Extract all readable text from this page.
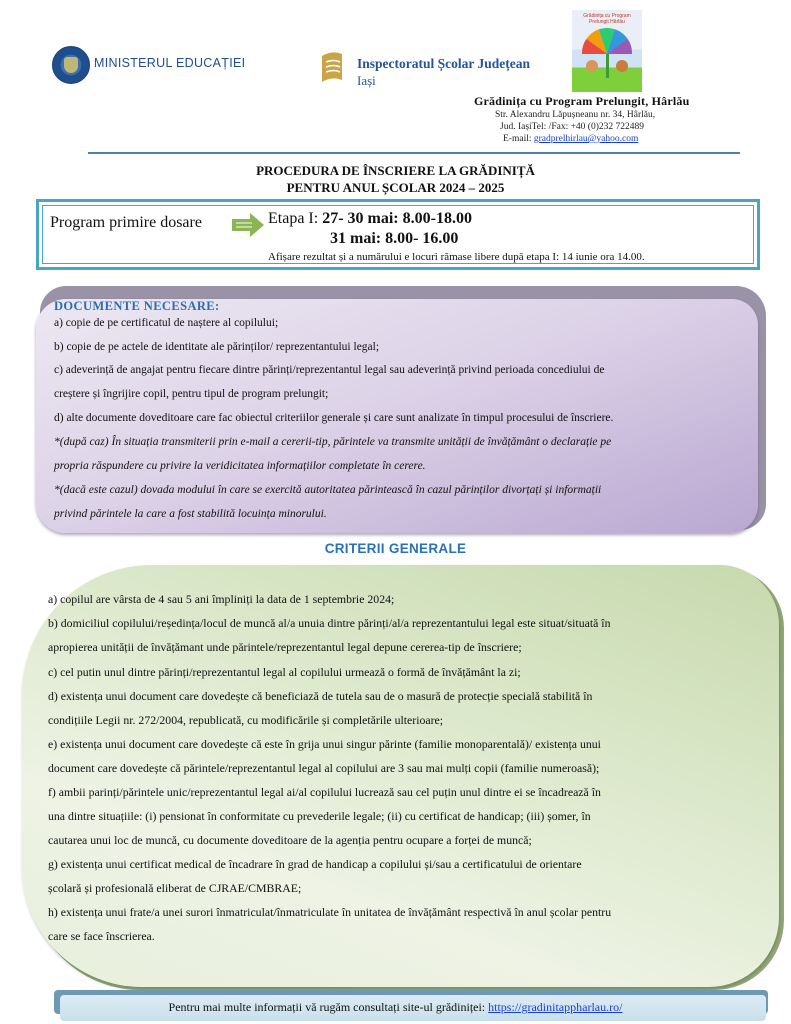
MINISTERUL EDUCAȚIEI	Inspectoratul Școlar Județean
Iași
Grădinița cu Program Prelungit Hârlău
Grădinița cu Program Prelungit, Hârlău
Str. Alexandru Lăpușneanu nr. 34, Hârlău,
Jud. IașiTel: /Fax: +40 (0)232 722489
E-mail: gradprelhirlau@yahoo.com
PROCEDURA DE ÎNSCRIERE LA GRĂDINIȚĂ
PENTRU ANUL ȘCOLAR 2024 – 2025
Program primire dosare	Etapa I: 27- 30 mai: 8.00-18.00
31 mai: 8.00- 16.00
Afișare rezultat și a numărului e locuri rămase libere după etapa I: 14 iunie ora 14.00.
DOCUMENTE NECESARE:
a) copie de pe certificatul de naștere al copilului;
b) copie de pe actele de identitate ale părinților/ reprezentantului legal;
c) adeverință de angajat pentru fiecare dintre părinți/reprezentantul legal sau adeverință privind perioada concediului de
creștere și îngrijire copil, pentru tipul de program prelungit;
d) alte documente doveditoare care fac obiectul criteriilor generale și care sunt analizate în timpul procesului de înscriere.
*(după caz) În situația transmiterii prin e-mail a cererii-tip, părintele va transmite unității de învățământ o declarație pe
propria răspundere cu privire la veridicitatea informațiilor completate în cerere.
*(dacă este cazul) dovada modului în care se exercită autoritatea părintească în cazul părinților divorțați și informații
privind părintele la care a fost stabilită locuința minorului.
CRITERII GENERALE
a) copilul are vârsta de 4 sau 5 ani împliniți la data de 1 septembrie 2024;
b) domiciliul copilului/reședința/locul de muncă al/a unuia dintre părinți/al/a reprezentantului legal este situat/situată în
apropierea unității de învățămant unde părintele/reprezentantul legal depune cererea-tip de înscriere;
c) cel putin unul dintre părinți/reprezentantul legal al copilului urmează o formă de învățământ la zi;
d) existența unui document care dovedește că beneficiază de tutela sau de o masură de protecție specială stabilită în
condițiile Legii nr. 272/2004, republicată, cu modificările și completările ulterioare;
e) existența unui document care dovedește că este în grija unui singur părinte (familie monoparentală)/ existența unui
document care dovedește că părintele/reprezentantul legal al copilului are 3 sau mai mulți copii (familie numeroasă);
f) ambii parinți/părintele unic/reprezentantul legal ai/al copilului lucrează sau cel puțin unul dintre ei se încadrează în
una dintre situațiile: (i) pensionat în conformitate cu prevederile legale; (ii) cu certificat de handicap; (iii) șomer, în
cautarea unui loc de muncă, cu documente doveditoare de la agenția pentru ocupare a forței de muncă;
g) existența unui certificat medical de încadrare în grad de handicap a copilului și/sau a certificatului de orientare
școlară și profesională eliberat de CJRAE/CMBRAE;
h) existența unui frate/a unei surori înmatriculat/înmatriculate în unitatea de învățământ respectivă în anul școlar pentru
care se face înscrierea.
Pentru mai multe informații vă rugăm consultați site-ul grădiniței: https://gradinitappharlau.ro/
